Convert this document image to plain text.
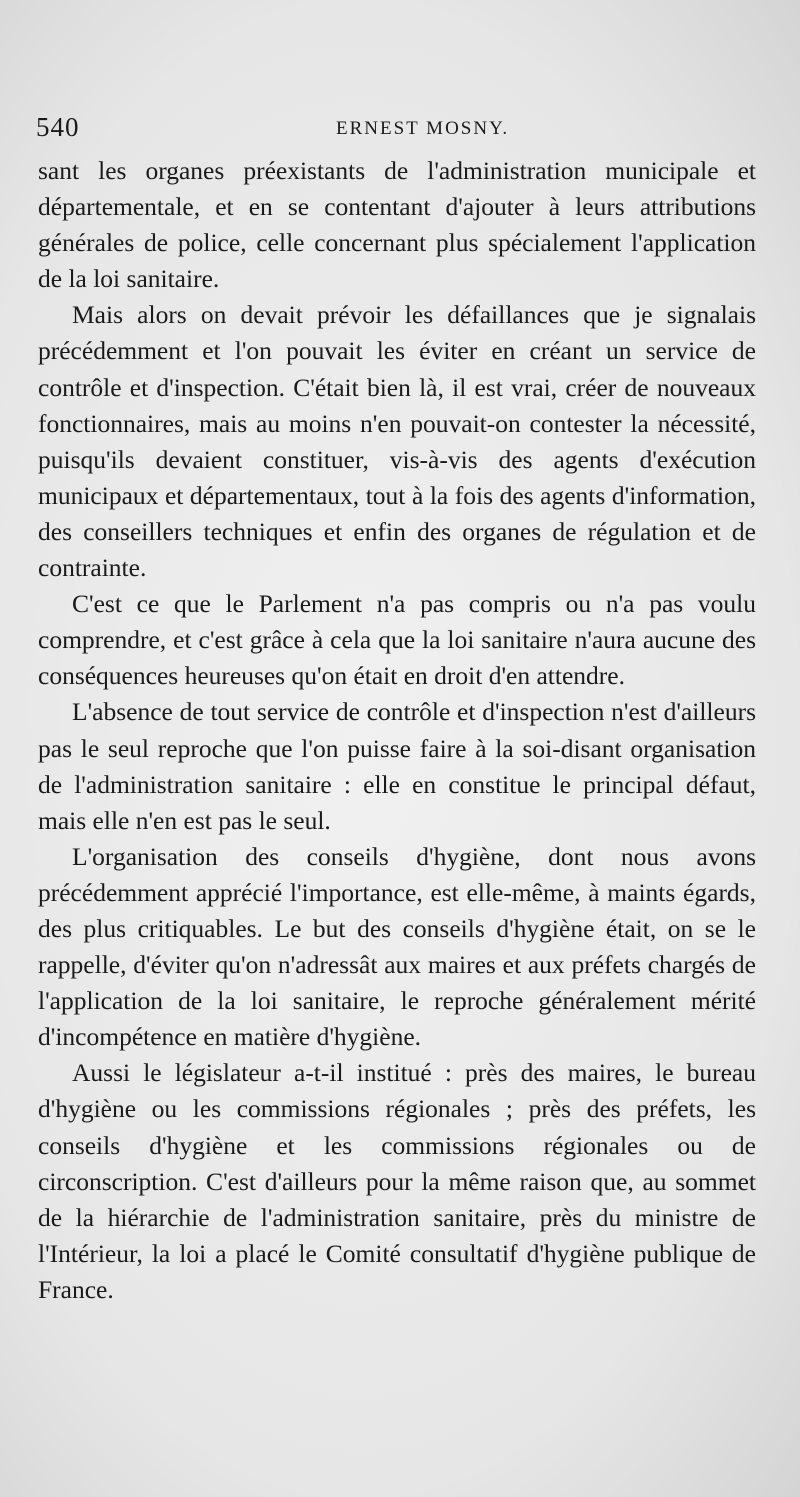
540	ERNEST MOSNY.

sant les organes préexistants de l'administration municipale et départementale, et en se contentant d'ajouter à leurs attributions générales de police, celle concernant plus spécialement l'application de la loi sanitaire.

Mais alors on devait prévoir les défaillances que je signalais précédemment et l'on pouvait les éviter en créant un service de contrôle et d'inspection. C'était bien là, il est vrai, créer de nouveaux fonctionnaires, mais au moins n'en pouvait-on contester la nécessité, puisqu'ils devaient constituer, vis-à-vis des agents d'exécution municipaux et départementaux, tout à la fois des agents d'information, des conseillers techniques et enfin des organes de régulation et de contrainte.

C'est ce que le Parlement n'a pas compris ou n'a pas voulu comprendre, et c'est grâce à cela que la loi sanitaire n'aura aucune des conséquences heureuses qu'on était en droit d'en attendre.

L'absence de tout service de contrôle et d'inspection n'est d'ailleurs pas le seul reproche que l'on puisse faire à la soi-disant organisation de l'administration sanitaire : elle en constitue le principal défaut, mais elle n'en est pas le seul.

L'organisation des conseils d'hygiène, dont nous avons précédemment apprécié l'importance, est elle-même, à maints égards, des plus critiquables. Le but des conseils d'hygiène était, on se le rappelle, d'éviter qu'on n'adressât aux maires et aux préfets chargés de l'application de la loi sanitaire, le reproche généralement mérité d'incompétence en matière d'hygiène.

Aussi le législateur a-t-il institué : près des maires, le bureau d'hygiène ou les commissions régionales ; près des préfets, les conseils d'hygiène et les commissions régionales ou de circonscription. C'est d'ailleurs pour la même raison que, au sommet de la hiérarchie de l'administration sanitaire, près du ministre de l'Intérieur, la loi a placé le Comité consultatif d'hygiène publique de France.
